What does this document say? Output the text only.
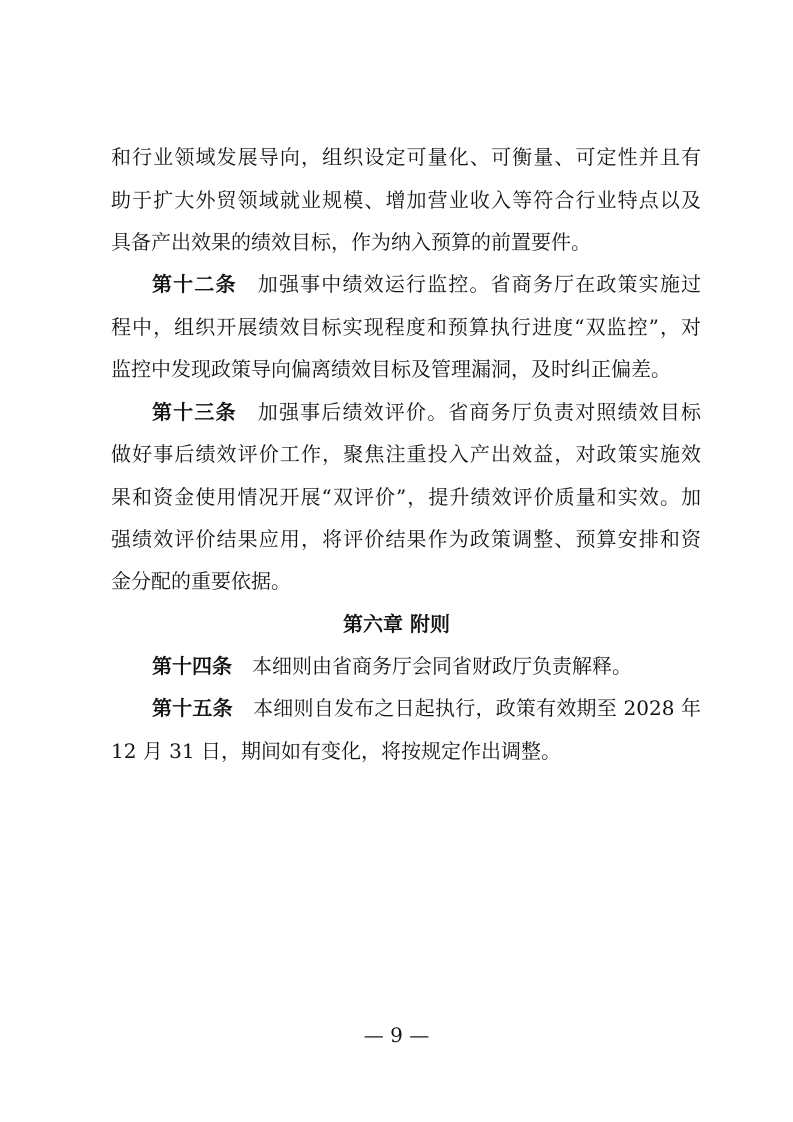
和行业领域发展导向，组织设定可量化、可衡量、可定性并且有
助于扩大外贸领域就业规模、增加营业收入等符合行业特点以及
具备产出效果的绩效目标，作为纳入预算的前置要件。
第十二条  加强事中绩效运行监控。省商务厅在政策实施过
程中，组织开展绩效目标实现程度和预算执行进度“双监控”，对
监控中发现政策导向偏离绩效目标及管理漏洞，及时纠正偏差。
第十三条  加强事后绩效评价。省商务厅负责对照绩效目标
做好事后绩效评价工作，聚焦注重投入产出效益，对政策实施效
果和资金使用情况开展“双评价”，提升绩效评价质量和实效。加
强绩效评价结果应用，将评价结果作为政策调整、预算安排和资
金分配的重要依据。
第六章 附则
第十四条  本细则由省商务厅会同省财政厅负责解释。
第十五条  本细则自发布之日起执行，政策有效期至 2028 年
12 月 31 日，期间如有变化，将按规定作出调整。
— 9 —
